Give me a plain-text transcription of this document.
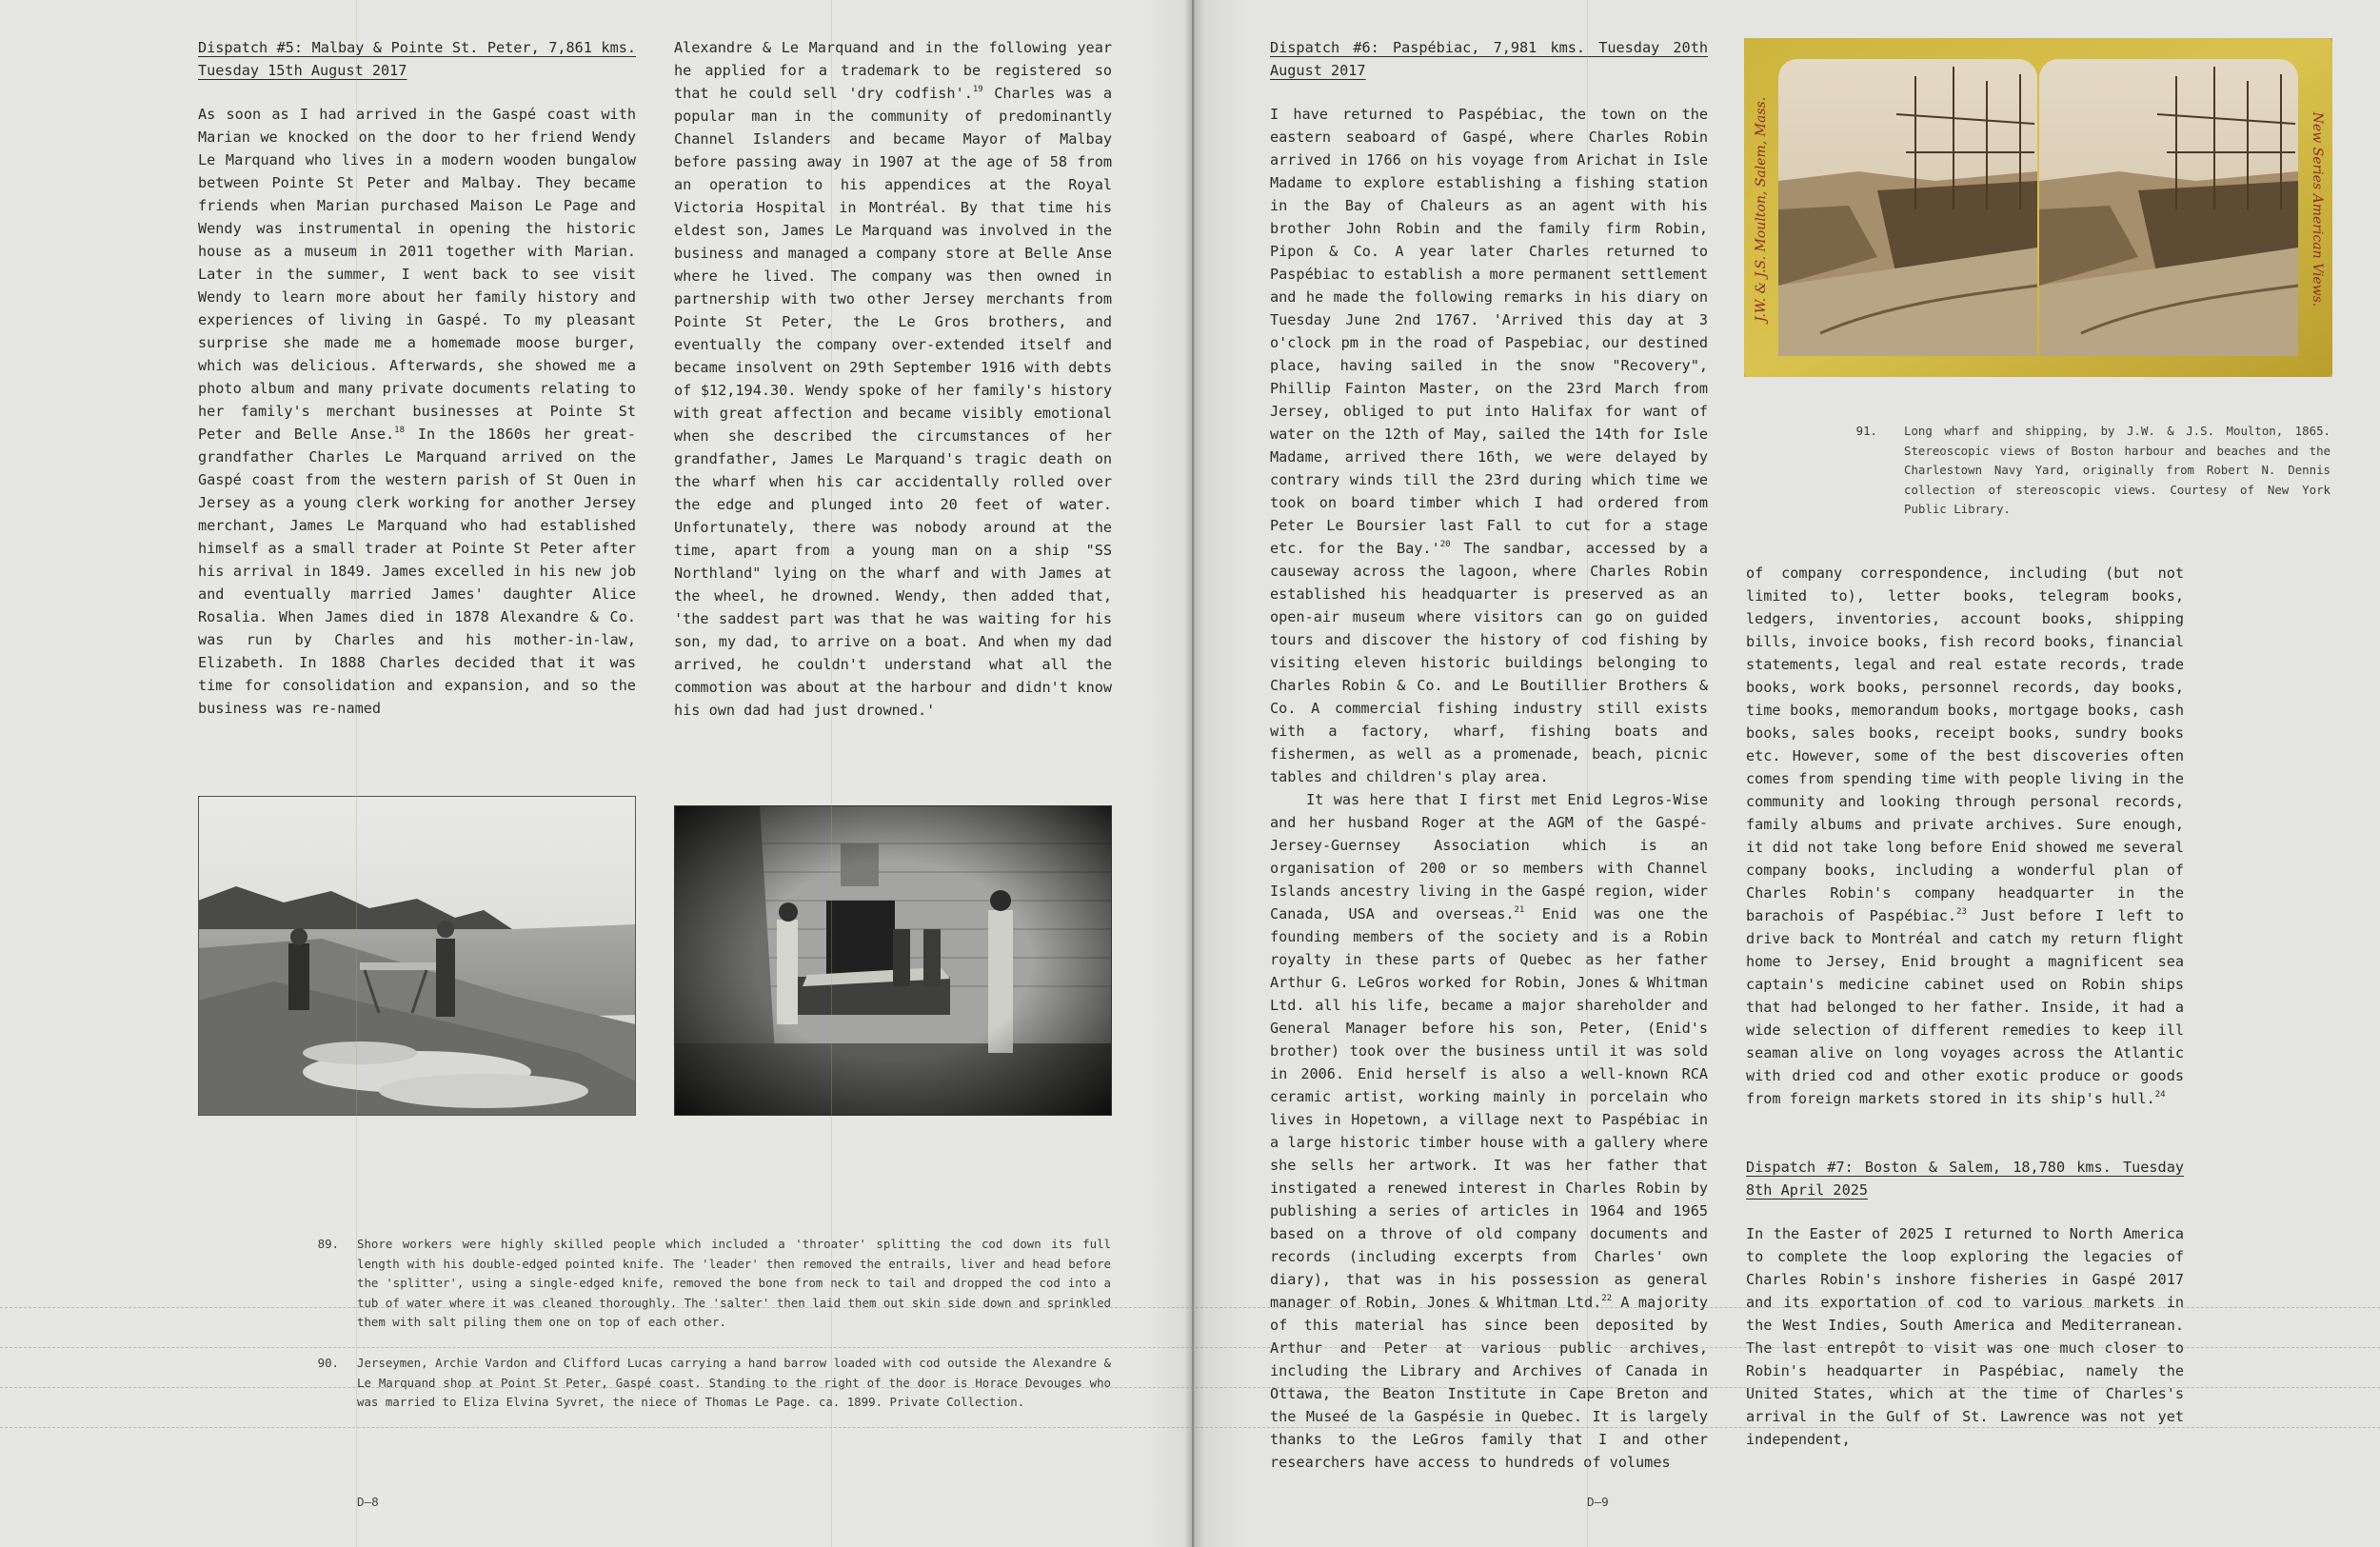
Dispatch #5: Malbay & Pointe St. Peter, 7,861 kms. Tuesday 15th August 2017

As soon as I had arrived in the Gaspé coast with Marian we knocked on the door to her friend Wendy Le Marquand who lives in a modern wooden bungalow between Pointe St Peter and Malbay. They became friends when Marian purchased Maison Le Page and Wendy was instrumental in opening the historic house as a museum in 2011 together with Marian. Later in the summer, I went back to see visit Wendy to learn more about her family history and experiences of living in Gaspé. To my pleasant surprise she made me a homemade moose burger, which was delicious. Afterwards, she showed me a photo album and many private documents relating to her family's merchant businesses at Pointe St Peter and Belle Anse.$^{18}$ In the 1860s her great-grandfather Charles Le Marquand arrived on the Gaspé coast from the western parish of St Ouen in Jersey as a young clerk working for another Jersey merchant, James Le Marquand who had established himself as a small trader at Pointe St Peter after his arrival in 1849. James excelled in his new job and eventually married James' daughter Alice Rosalia. When James died in 1878 Alexandre & Co. was run by Charles and his mother-in-law, Elizabeth. In 1888 Charles decided that it was time for consolidation and expansion, and so the business was re-named

Alexandre & Le Marquand and in the following year he applied for a trademark to be registered so that he could sell 'dry codfish'.$^{19}$ Charles was a popular man in the community of predominantly Channel Islanders and became Mayor of Malbay before passing away in 1907 at the age of 58 from an operation to his appendices at the Royal Victoria Hospital in Montréal. By that time his eldest son, James Le Marquand was involved in the business and managed a company store at Belle Anse where he lived. The company was then owned in partnership with two other Jersey merchants from Pointe St Peter, the Le Gros brothers, and eventually the company over-extended itself and became insolvent on 29th September 1916 with debts of $12,194.30. Wendy spoke of her family's history with great affection and became visibly emotional when she described the circumstances of her grandfather, James Le Marquand's tragic death on the wharf when his car accidentally rolled over the edge and plunged into 20 feet of water. Unfortunately, there was nobody around at the time, apart from a young man on a ship "SS Northland" lying on the wharf and with James at the wheel, he drowned. Wendy, then added that, 'the saddest part was that he was waiting for his son, my dad, to arrive on a boat. And when my dad arrived, he couldn't understand what all the commotion was about at the harbour and didn't know his own dad had just drowned.'

89. Shore workers were highly skilled people which included a 'throater' splitting the cod down its full length with his double-edged pointed knife. The 'leader' then removed the entrails, liver and head before the 'splitter', using a single-edged knife, removed the bone from neck to tail and dropped the cod into a tub of water where it was cleaned thoroughly. The 'salter' then laid them out skin side down and sprinkled them with salt piling them one on top of each other.
90. Jerseymen, Archie Vardon and Clifford Lucas carrying a hand barrow loaded with cod outside the Alexandre & Le Marquand shop at Point St Peter, Gaspé coast. Standing to the right of the door is Horace Devouges who was married to Eliza Elvina Syvret, the niece of Thomas Le Page. ca. 1899. Private Collection.
D—8
Dispatch #6: Paspébiac, 7,981 kms. Tuesday 20th August 2017

I have returned to Paspébiac, the town on the eastern seaboard of Gaspé, where Charles Robin arrived in 1766 on his voyage from Arichat in Isle Madame to explore establishing a fishing station in the Bay of Chaleurs as an agent with his brother John Robin and the family firm Robin, Pipon & Co. A year later Charles returned to Paspébiac to establish a more permanent settlement and he made the following remarks in his diary on Tuesday June 2nd 1767. 'Arrived this day at 3 o'clock pm in the road of Paspebiac, our destined place, having sailed in the snow "Recovery", Phillip Fainton Master, on the 23rd March from Jersey, obliged to put into Halifax for want of water on the 12th of May, sailed the 14th for Isle Madame, arrived there 16th, we were delayed by contrary winds till the 23rd during which time we took on board timber which I had ordered from Peter Le Boursier last Fall to cut for a stage etc. for the $Bay.'^{20}$ The sandbar, accessed by a causeway across the lagoon, where Charles Robin established his headquarter is preserved as an open-air museum where visitors can go on guided tours and discover the history of cod fishing by visiting eleven historic buildings belonging to Charles Robin & Co. and Le Boutillier Brothers & Co. A commercial fishing industry still exists with a factory, wharf, fishing boats and fishermen, as well as a promenade, beach, picnic tables and children's play area.

It was here that I first met Enid Legros-Wise and her husband Roger at the AGM of the Gaspé-Jersey-Guernsey Association which is an organisation of 200 or so members with Channel Islands ancestry living in the Gaspé region, wider Canada, USA and overseas.$^{21}$ Enid was one the founding members of the society and is a Robin royalty in these parts of Quebec as her father Arthur G. LeGros worked for Robin, Jones & Whitman Ltd. all his life, became a major shareholder and General Manager before his son, Peter, (Enid's brother) took over the business until it was sold in 2006. Enid herself is also a well-known RCA ceramic artist, working mainly in porcelain who lives in Hopetown, a village next to Paspébiac in a large historic timber house with a gallery where she sells her artwork. It was her father that instigated a renewed interest in Charles Robin by publishing a series of articles in 1964 and 1965 based on a throve of old company documents and records (including excerpts from Charles' own diary), that was in his possession as general manager of Robin, Jones & Whitman Ltd.$^{22}$ A majority of this material has since been deposited by Arthur and Peter at various public archives, including the Library and Archives of Canada in Ottawa, the Beaton Institute in Cape Breton and the Museé de la Gaspésie in Quebec. It is largely thanks to the LeGros family that I and other researchers have access to hundreds of volumes

J.W. & J.S. Moulton, Salem, Mass.	New Series American Views.
91. Long wharf and shipping, by J.W. & J.S. Moulton, 1865. Stereoscopic views of Boston harbour and beaches and the Charlestown Navy Yard, originally from Robert N. Dennis collection of stereoscopic views. Courtesy of New York Public Library.

of company correspondence, including (but not limited to), letter books, telegram books, ledgers, inventories, account books, shipping bills, invoice books, fish record books, financial statements, legal and real estate records, trade books, work books, personnel records, day books, time books, memorandum books, mortgage books, cash books, sales books, receipt books, sundry books etc. However, some of the best discoveries often comes from spending time with people living in the community and looking through personal records, family albums and private archives. Sure enough, it did not take long before Enid showed me several company books, including a wonderful plan of Charles Robin's company headquarter in the barachois of Paspébiac.$^{23}$ Just before I left to drive back to Montréal and catch my return flight home to Jersey, Enid brought a magnificent sea captain's medicine cabinet used on Robin ships that had belonged to her father. Inside, it had a wide selection of different remedies to keep ill seaman alive on long voyages across the Atlantic with dried cod and other exotic produce or goods from foreign markets stored in its ship's hull.$^{24}$

Dispatch #7: Boston & Salem, 18,780 kms. Tuesday 8th April 2025

In the Easter of 2025 I returned to North America to complete the loop exploring the legacies of Charles Robin's inshore fisheries in Gaspé 2017 and its exportation of cod to various markets in the West Indies, South America and Mediterranean. The last entrepôt to visit was one much closer to Robin's headquarter in Paspébiac, namely the United States, which at the time of Charles's arrival in the Gulf of St. Lawrence was not yet independent,

D—9
